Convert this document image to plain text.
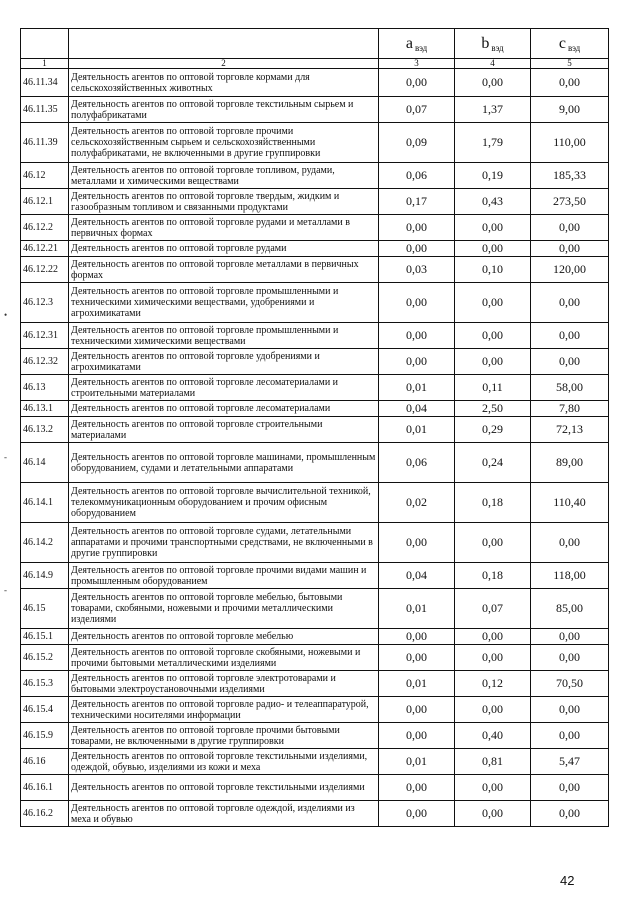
		a $_{вэд}$	b $_{вэд}$	c $_{вэд}$
1	2	3	4	5
46.11.34	Деятельность агентов по оптовой торговле кормами для сельскохозяйственных животных	0,00	0,00	0,00
46.11.35	Деятельность агентов по оптовой торговле текстильным сырьем и полуфабрикатами	0,07	1,37	9,00
46.11.39	Деятельность агентов по оптовой торговле прочими сельскохозяйственным сырьем и сельскохозяйственными полуфабрикатами, не включенными в другие группировки	0,09	1,79	110,00
46.12	Деятельность агентов по оптовой торговле топливом, рудами, металлами и химическими веществами	0,06	0,19	185,33
46.12.1	Деятельность агентов по оптовой торговле твердым, жидким и газообразным топливом и связанными продуктами	0,17	0,43	273,50
46.12.2	Деятельность агентов по оптовой торговле рудами и металлами в первичных формах	0,00	0,00	0,00
46.12.21	Деятельность агентов по оптовой торговле рудами	0,00	0,00	0,00
46.12.22	Деятельность агентов по оптовой торговле металлами в первичных формах	0,03	0,10	120,00
46.12.3	Деятельность агентов по оптовой торговле промышленными и техническими химическими веществами, удобрениями и агрохимикатами	0,00	0,00	0,00
46.12.31	Деятельность агентов по оптовой торговле промышленными и техническими химическими веществами	0,00	0,00	0,00
46.12.32	Деятельность агентов по оптовой торговле удобрениями и агрохимикатами	0,00	0,00	0,00
46.13	Деятельность агентов по оптовой торговле лесоматериалами и строительными материалами	0,01	0,11	58,00
46.13.1	Деятельность агентов по оптовой торговле лесоматериалами	0,04	2,50	7,80
46.13.2	Деятельность агентов по оптовой торговле строительными материалами	0,01	0,29	72,13
46.14	Деятельность агентов по оптовой торговле машинами, промышленным оборудованием, судами и летательными аппаратами	0,06	0,24	89,00
46.14.1	Деятельность агентов по оптовой торговле вычислительной техникой, телекоммуникационным оборудованием и прочим офисным оборудованием	0,02	0,18	110,40
46.14.2	Деятельность агентов по оптовой торговле судами, летательными аппаратами и прочими транспортными средствами, не включенными в другие группировки	0,00	0,00	0,00
46.14.9	Деятельность агентов по оптовой торговле прочими видами машин и промышленным оборудованием	0,04	0,18	118,00
46.15	Деятельность агентов по оптовой торговле мебелью, бытовыми товарами, скобяными, ножевыми и прочими металлическими изделиями	0,01	0,07	85,00
46.15.1	Деятельность агентов по оптовой торговле мебелью	0,00	0,00	0,00
46.15.2	Деятельность агентов по оптовой торговле скобяными, ножевыми и прочими бытовыми металлическими изделиями	0,00	0,00	0,00
46.15.3	Деятельность агентов по оптовой торговле электротоварами и бытовыми электроустановочными изделиями	0,01	0,12	70,50
46.15.4	Деятельность агентов по оптовой торговле радио- и телеаппаратурой, техническими носителями информации	0,00	0,00	0,00
46.15.9	Деятельность агентов по оптовой торговле прочими бытовыми товарами, не включенными в другие группировки	0,00	0,40	0,00
46.16	Деятельность агентов по оптовой торговле текстильными изделиями, одеждой, обувью, изделиями из кожи и меха	0,01	0,81	5,47
46.16.1	Деятельность агентов по оптовой торговле текстильными изделиями	0,00	0,00	0,00
46.16.2	Деятельность агентов по оптовой торговле одеждой, изделиями из меха и обувью	0,00	0,00	0,00
•
-
-
42
